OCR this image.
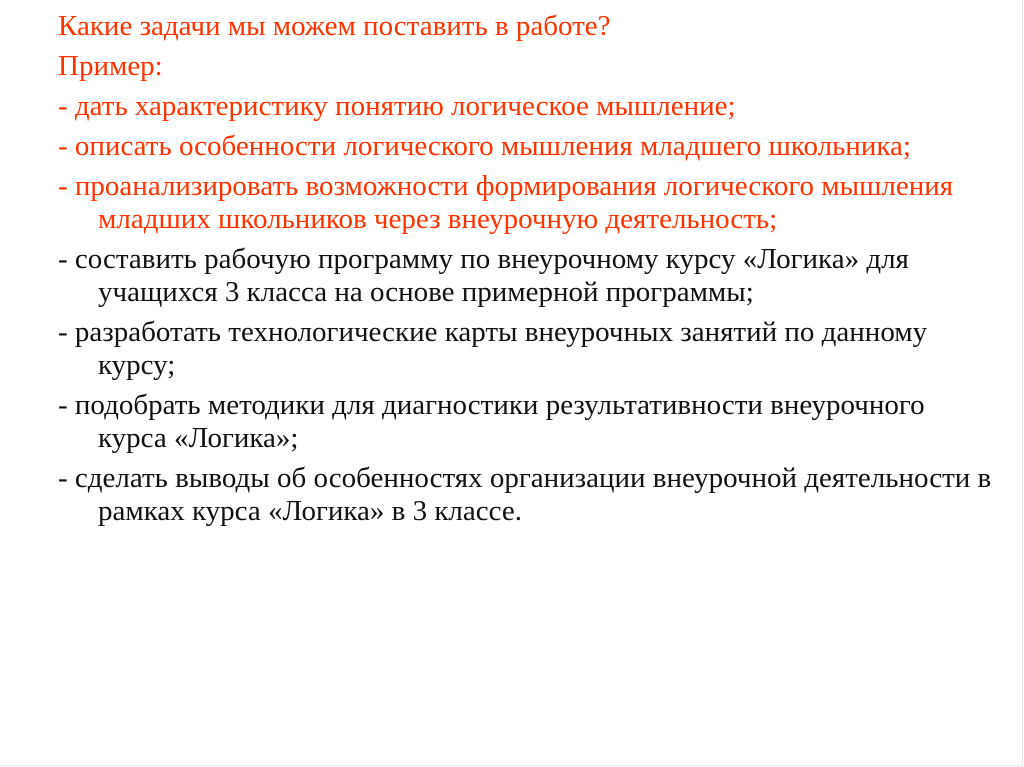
Какие задачи мы можем поставить в работе?

Пример:

- дать характеристику понятию логическое мышление;
- описать особенности логического мышления младшего школьника;
- проанализировать возможности формирования логического мышления младших школьников через внеурочную деятельность;
- составить рабочую программу по внеурочному курсу «Логика» для учащихся 3 класса на основе примерной программы;
- разработать технологические карты внеурочных занятий по данному курсу;
- подобрать методики для диагностики результативности внеурочного курса «Логика»;
- сделать выводы об особенностях организации внеурочной деятельности в рамках курса «Логика» в 3 классе.
